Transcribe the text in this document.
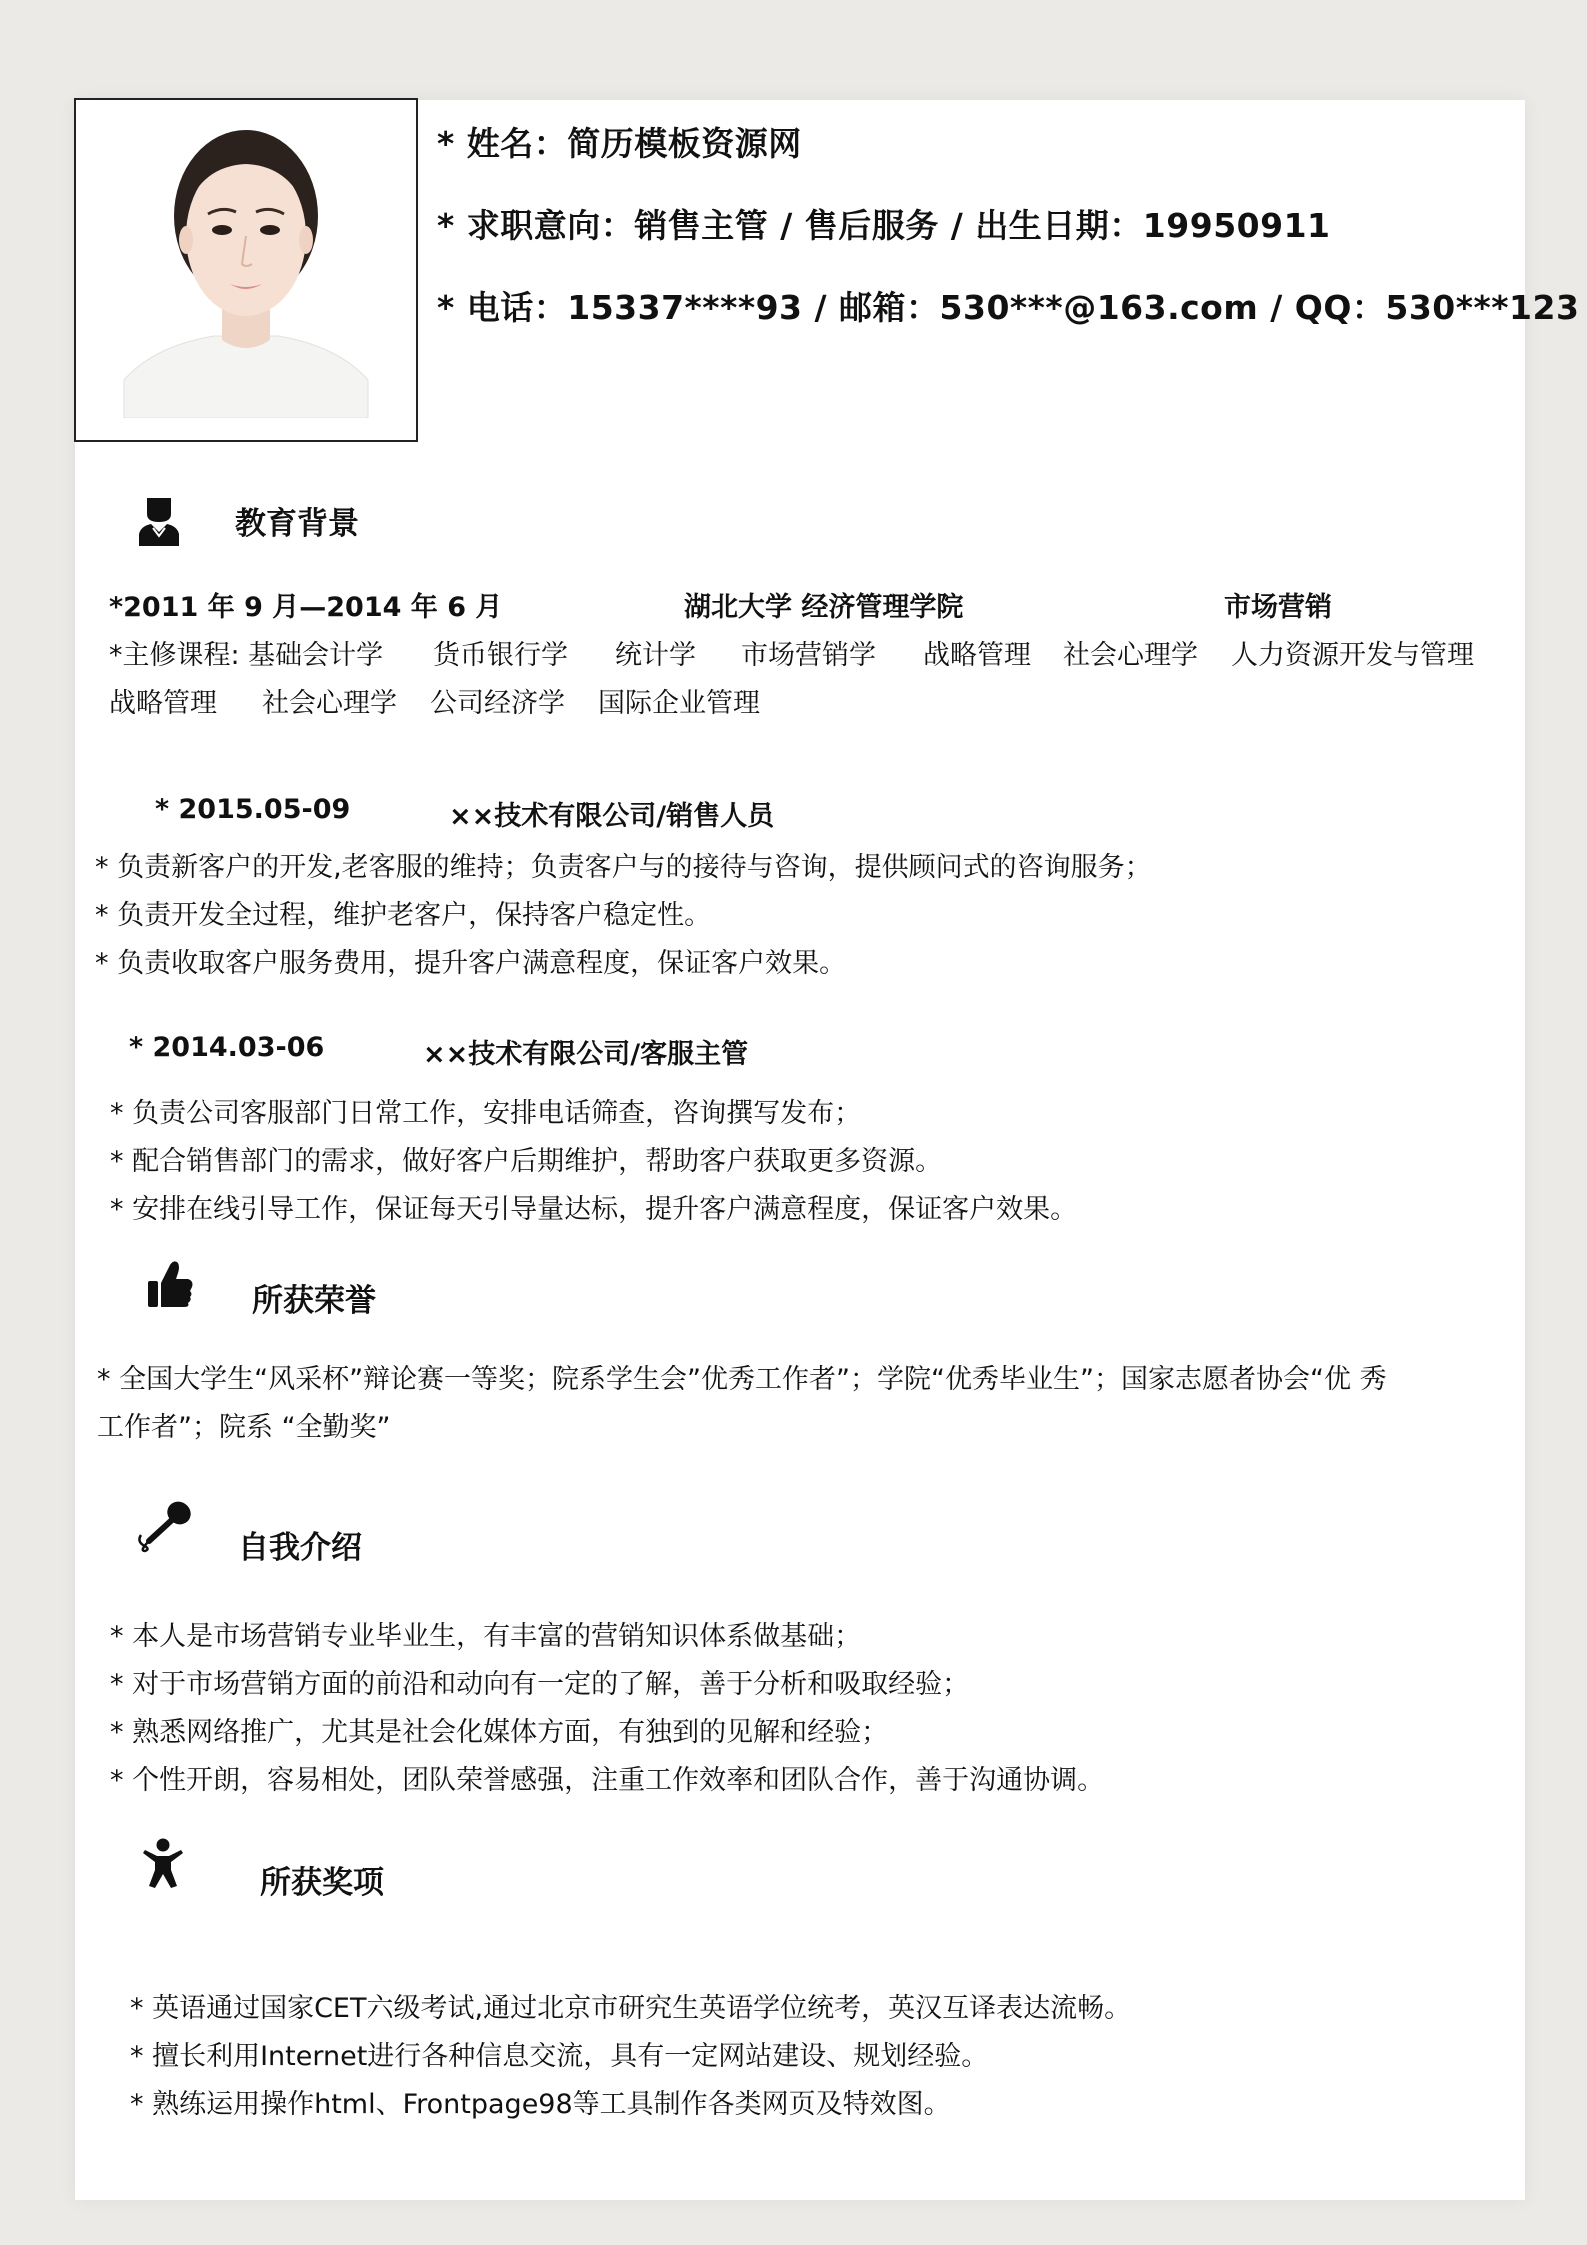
* 姓名：简历模板资源网
* 求职意向：销售主管 / 售后服务 / 出生日期：19950911
* 电话：15337****93 / 邮箱：530***@163.com / QQ：530***123
教育背景
*2011 年 9 月—2014 年 6 月	湖北大学 经济管理学院	市场营销
*主修课程: 基础会计学 货币银行学 统计学 市场营销学 战略管理 社会心理学 人力资源开发与管理
战略管理 社会心理学 公司经济学 国际企业管理
* 2015.05-09	××技术有限公司/销售人员
* 负责新客户的开发,老客服的维持；负责客户与的接待与咨询，提供顾问式的咨询服务；
* 负责开发全过程，维护老客户，保持客户稳定性。
* 负责收取客户服务费用，提升客户满意程度，保证客户效果。
* 2014.03-06	××技术有限公司/客服主管
* 负责公司客服部门日常工作，安排电话筛查，咨询撰写发布；
* 配合销售部门的需求，做好客户后期维护，帮助客户获取更多资源。
* 安排在线引导工作，保证每天引导量达标，提升客户满意程度，保证客户效果。
所获荣誉
* 全国大学生“风采杯”辩论赛一等奖；院系学生会”优秀工作者”；学院“优秀毕业生”；国家志愿者协会“优 秀
工作者”；院系 “全勤奖”
自我介绍
* 本人是市场营销专业毕业生，有丰富的营销知识体系做基础；
* 对于市场营销方面的前沿和动向有一定的了解，善于分析和吸取经验；
* 熟悉网络推广，尤其是社会化媒体方面，有独到的见解和经验；
* 个性开朗，容易相处，团队荣誉感强，注重工作效率和团队合作，善于沟通协调。
所获奖项
* 英语通过国家CET六级考试,通过北京市研究生英语学位统考，英汉互译表达流畅。
* 擅长利用Internet进行各种信息交流，具有一定网站建设、规划经验。
* 熟练运用操作html、Frontpage98等工具制作各类网页及特效图。
